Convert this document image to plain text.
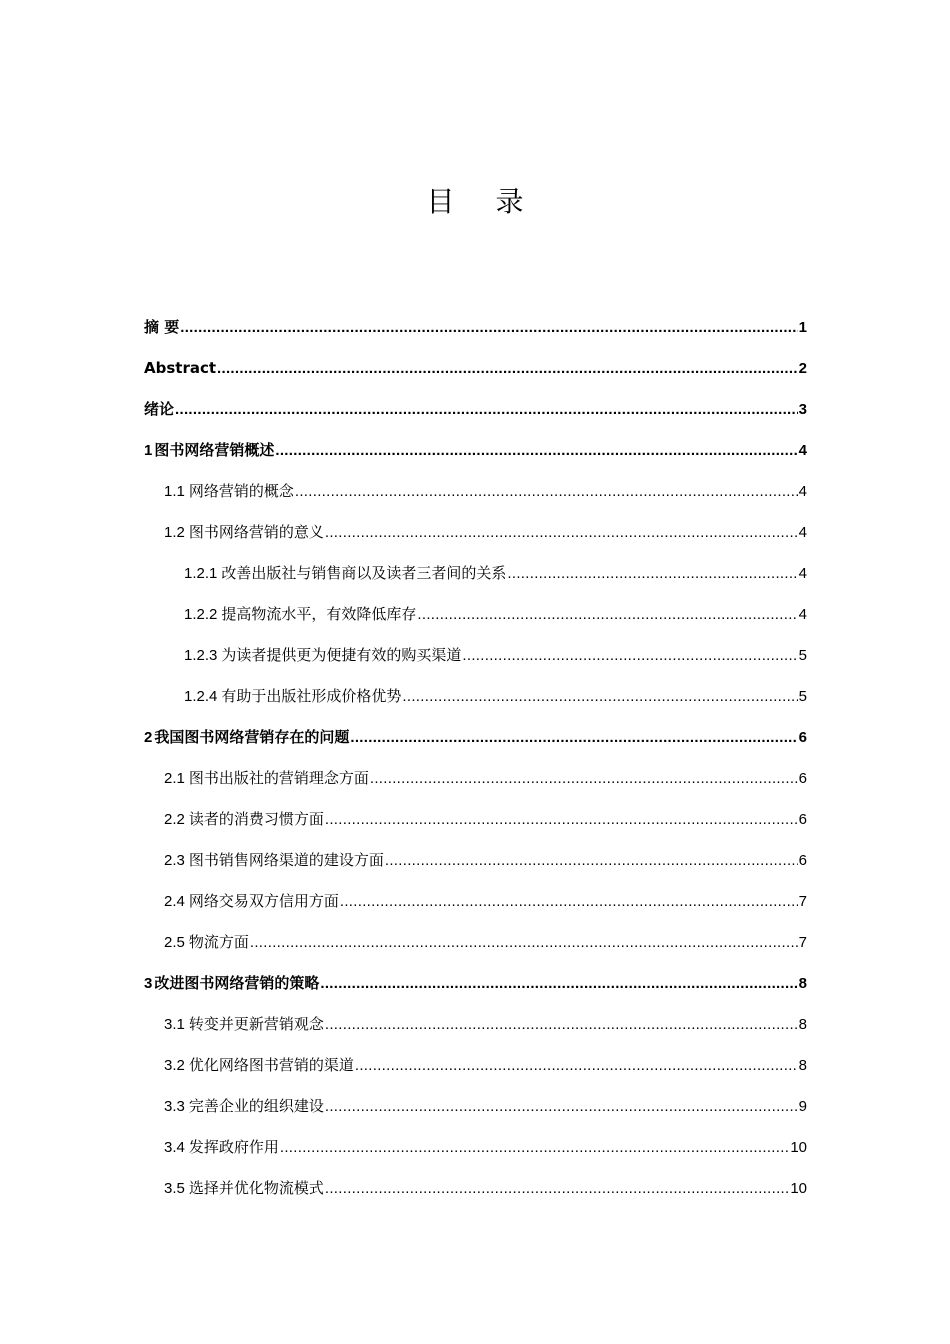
目 录
摘 要 .....	1
Abstract .....	2
绪论 .....	3
1 图书网络营销概述 .....	4
1.1 网络营销的概念 .....	4
1.2 图书网络营销的意义 .....	4
1.2.1 改善出版社与销售商以及读者三者间的关系 .....	4
1.2.2 提高物流水平，有效降低库存 .....	4
1.2.3 为读者提供更为便捷有效的购买渠道 .....	5
1.2.4 有助于出版社形成价格优势 .....	5
2 我国图书网络营销存在的问题 .....	6
2.1 图书出版社的营销理念方面 .....	6
2.2 读者的消费习惯方面 .....	6
2.3 图书销售网络渠道的建设方面 .....	6
2.4 网络交易双方信用方面 .....	7
2.5 物流方面 .....	7
3 改进图书网络营销的策略 .....	8
3.1 转变并更新营销观念 .....	8
3.2 优化网络图书营销的渠道 .....	8
3.3 完善企业的组织建设 .....	9
3.4 发挥政府作用 .....	10
3.5 选择并优化物流模式 .....	10
